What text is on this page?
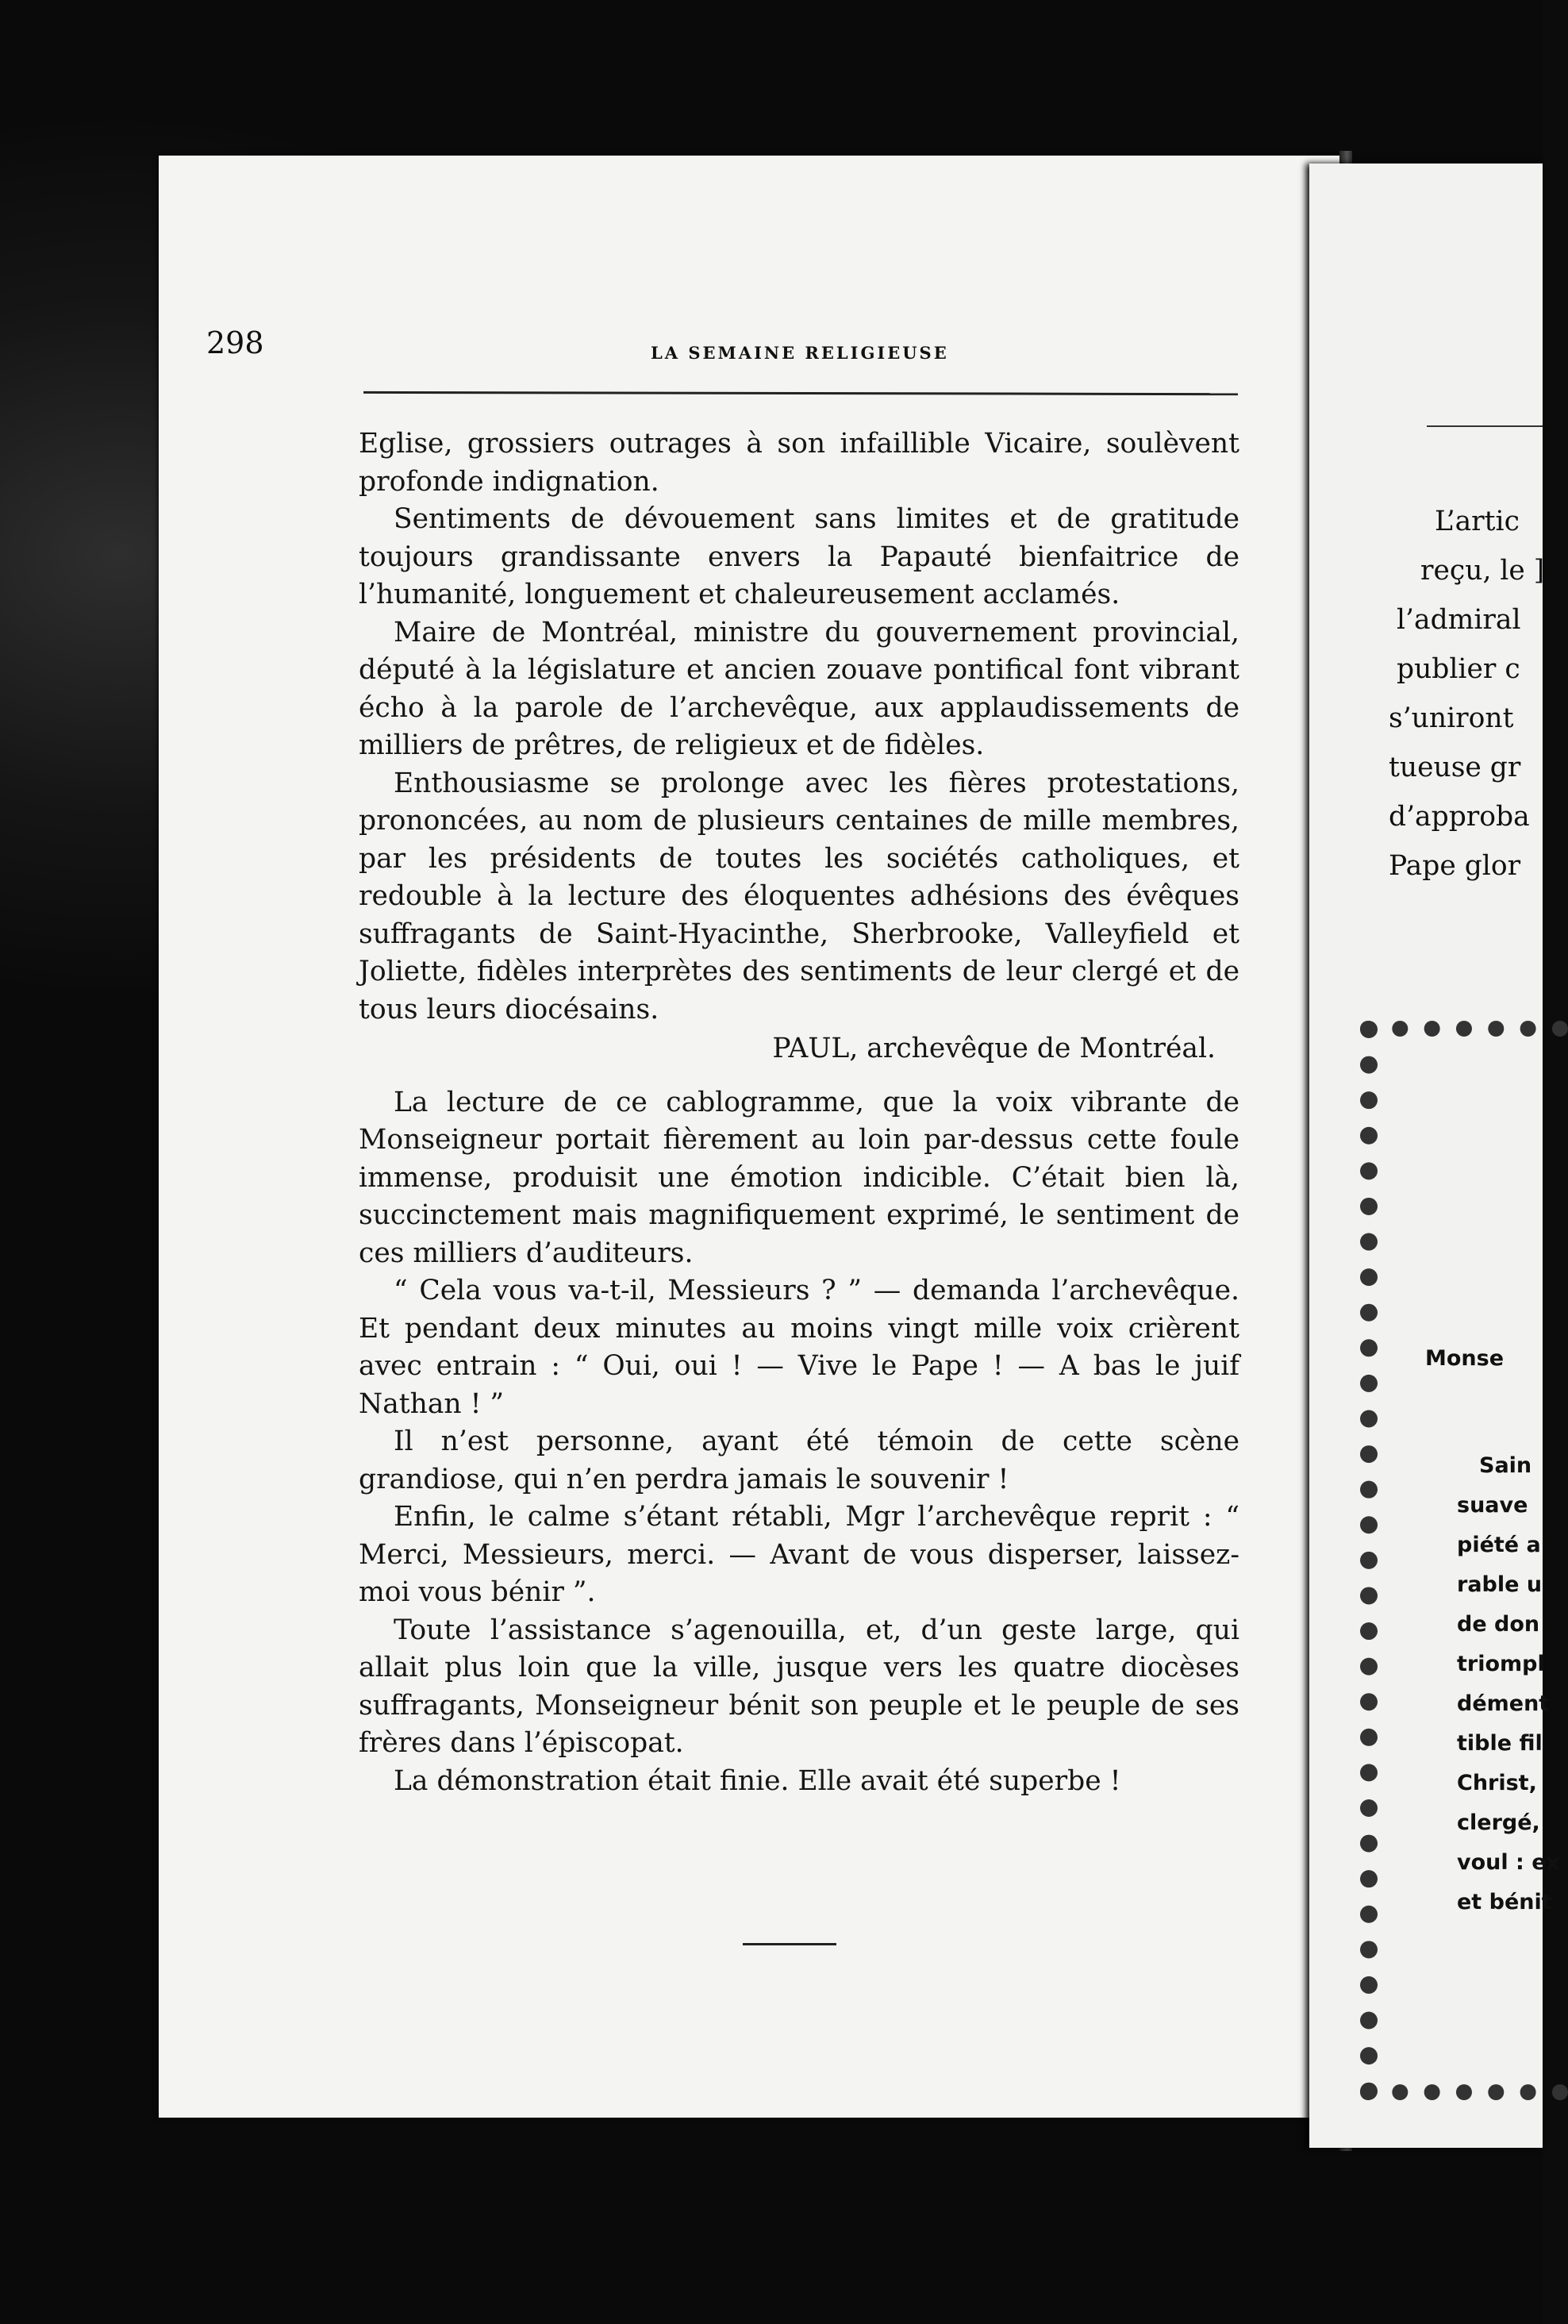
298	LA SEMAINE RELIGIEUSE

Eglise, grossiers outrages à son infaillible Vicaire, soulèvent profonde indignation.

Sentiments de dévouement sans limites et de gratitude toujours grandissante envers la Papauté bienfaitrice de l’humanité, longuement et chaleureusement acclamés.

Maire de Montréal, ministre du gouvernement provincial, député à la législature et ancien zouave pontifical font vibrant écho à la parole de l’archevêque, aux applaudissements de milliers de prêtres, de religieux et de fidèles.

Enthousiasme se prolonge avec les fières protestations, prononcées, au nom de plusieurs centaines de mille membres, par les présidents de toutes les sociétés catholiques, et redouble à la lecture des éloquentes adhésions des évêques suffragants de Saint-Hyacinthe, Sherbrooke, Valleyfield et Joliette, fidèles interprètes des sentiments de leur clergé et de tous leurs diocésains.

PAUL, archevêque de Montréal.

La lecture de ce cablogramme, que la voix vibrante de Monseigneur portait fièrement au loin par-dessus cette foule immense, produisit une émotion indicible. C’était bien là, succinctement mais magnifiquement exprimé, le sentiment de ces milliers d’auditeurs.

“ Cela vous va-t-il, Messieurs ? ” — demanda l’archevêque. Et pendant deux minutes au moins vingt mille voix crièrent avec entrain : “ Oui, oui ! — Vive le Pape ! — A bas le juif Nathan ! ”

Il n’est personne, ayant été témoin de cette scène grandiose, qui n’en perdra jamais le souvenir !

Enfin, le calme s’étant rétabli, Mgr l’archevêque reprit : “ Merci, Messieurs, merci. — Avant de vous disperser, laissez-moi vous bénir ”.

Toute l’assistance s’agenouilla, et, d’un geste large, qui allait plus loin que la ville, jusque vers les quatre diocèses suffragants, Monseigneur bénit son peuple et le peuple de ses frères dans l’épiscopat.

La démonstration était finie. Elle avait été superbe !

L’artic
reçu, le ]
l’admiral
publier c
s’uniront
tueuse gr
d’approba
Pape glor
Monse
Sain
suave
piété a
rable u
de don
triompl
dément
tible fil
Christ,
clergé,
voul : ex
et bénit
